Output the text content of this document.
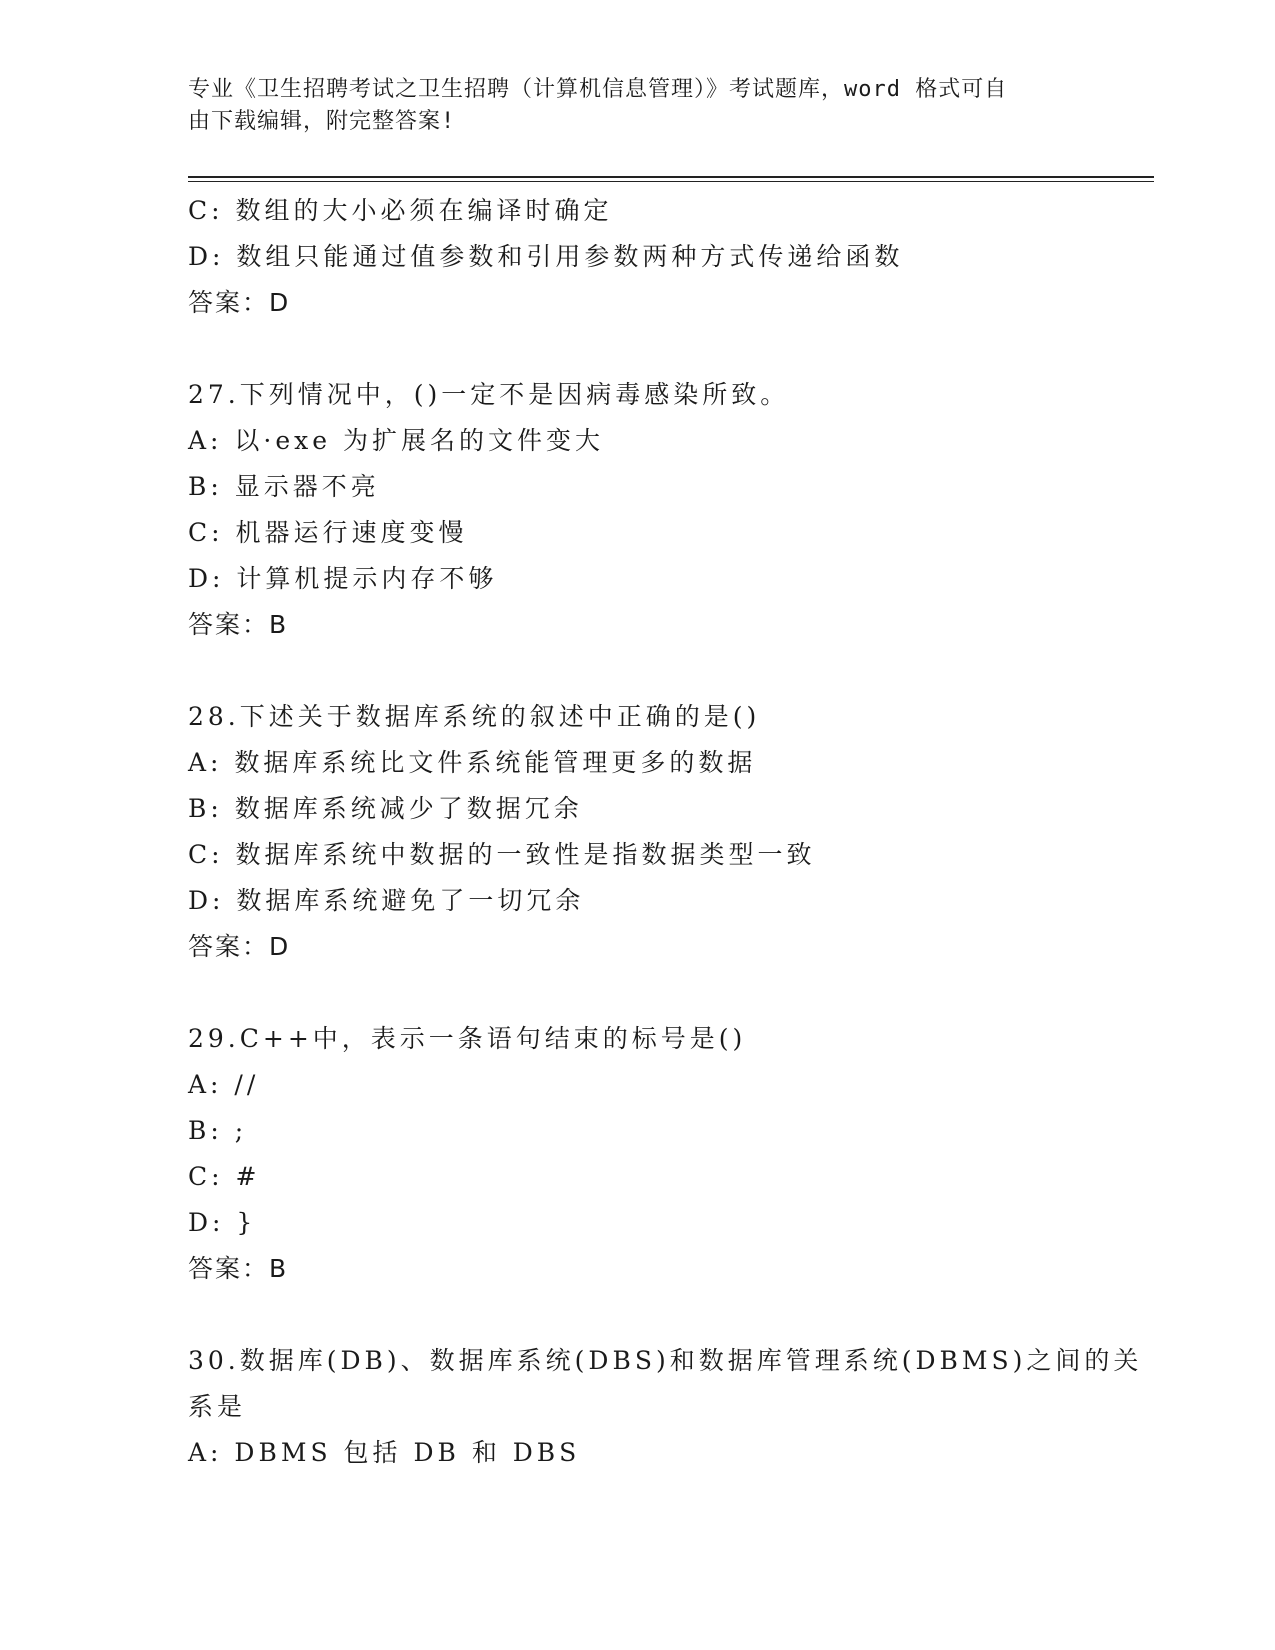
专业《卫生招聘考试之卫生招聘（计算机信息管理）》考试题库，word 格式可自
由下载编辑，附完整答案!
C: 数组的大小必须在编译时确定
D: 数组只能通过值参数和引用参数两种方式传递给函数
答案：D
27.下列情况中，()一定不是因病毒感染所致。
A: 以·exe 为扩展名的文件变大
B: 显示器不亮
C: 机器运行速度变慢
D: 计算机提示内存不够
答案：B
28.下述关于数据库系统的叙述中正确的是()
A: 数据库系统比文件系统能管理更多的数据
B: 数据库系统减少了数据冗余
C: 数据库系统中数据的一致性是指数据类型一致
D: 数据库系统避免了一切冗余
答案：D
29.C++中，表示一条语句结束的标号是()
A: //
B: ;
C: #
D: }
答案：B
30.数据库(DB)、数据库系统(DBS)和数据库管理系统(DBMS)之间的关
系是
A: DBMS 包括 DB 和 DBS
